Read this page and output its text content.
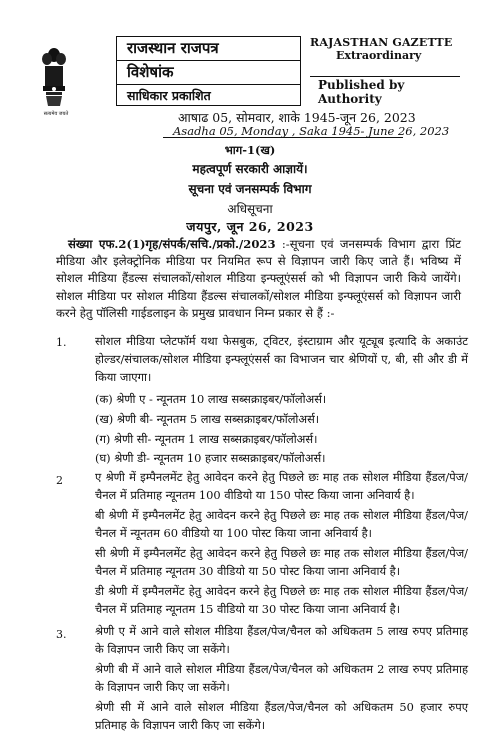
सत्यमेव जयते
राजस्थान राजपत्र
विशेषांक
साधिकार प्रकाशित
RAJASTHAN GAZETTE
Extraordinary
Published by Authority
आषाढ 05, सोमवार, शाके 1945-जून 26, 2023
Asadha 05, Monday , Saka 1945- June 26, 2023
भाग-1(ख)
महत्वपूर्ण सरकारी आज्ञायें।
सूचना एवं जनसम्पर्क विभाग
अधिसूचना
जयपुर, जून 26, 2023
संख्या एफ.2(1)गृह/संपर्क/सचि./प्रको./2023 :-सूचना एवं जनसम्पर्क विभाग द्वारा प्रिंट मीडिया और इलेक्ट्रोनिक मीडिया पर नियमित रूप से विज्ञापन जारी किए जाते हैं। भविष्य में सोशल मीडिया हैंडल्स संचालकों/सोशल मीडिया इन्फ्लूएंसर्स को भी विज्ञापन जारी किये जायेंगे। सोशल मीडिया पर सोशल मीडिया हैंडल्स संचालकों/सोशल मीडिया इन्फ्लूएंसर्स को विज्ञापन जारी करने हेतु पॉलिसी गाईडलाइन के प्रमुख प्रावधान निम्न प्रकार से हैं :-
1.	सोशल मीडिया प्लेटफॉर्म यथा फेसबुक, ट्विटर, इंस्टाग्राम और यूट्यूब इत्यादि के अकाउंट होल्डर/संचालक/सोशल मीडिया इन्फ्लूएंसर्स का विभाजन चार श्रेणियों ए, बी, सी और डी में किया जाएगा।
(क) श्रेणी ए - न्यूनतम 10 लाख सब्सक्राइबर/फॉलोअर्स।
(ख) श्रेणी बी- न्यूनतम 5 लाख सब्सक्राइबर/फॉलोअर्स।
(ग) श्रेणी सी- न्यूनतम 1 लाख सब्सक्राइबर/फॉलोअर्स।
(घ) श्रेणी डी- न्यूनतम 10 हजार सब्सक्राइबर/फॉलोअर्स।
2	ए श्रेणी में इम्पैनलमेंट हेतु आवेदन करने हेतु पिछले छः माह तक सोशल मीडिया हैंडल/पेज/चैनल में प्रतिमाह न्यूनतम 100 वीडियो या 150 पोस्ट किया जाना अनिवार्य है।
बी श्रेणी में इम्पैनलमेंट हेतु आवेदन करने हेतु पिछले छः माह तक सोशल मीडिया हैंडल/पेज/चैनल में न्यूनतम 60 वीडियो या 100 पोस्ट किया जाना अनिवार्य है।
सी श्रेणी में इम्पैनलमेंट हेतु आवेदन करने हेतु पिछले छः माह तक सोशल मीडिया हैंडल/पेज/चैनल में प्रतिमाह न्यूनतम 30 वीडियो या 50 पोस्ट किया जाना अनिवार्य है।
डी श्रेणी में इम्पैनलमेंट हेतु आवेदन करने हेतु पिछले छः माह तक सोशल मीडिया हैंडल/पेज/चैनल में प्रतिमाह न्यूनतम 15 वीडियो या 30 पोस्ट किया जाना अनिवार्य है।
3.	श्रेणी ए में आने वाले सोशल मीडिया हैंडल/पेज/चैनल को अधिकतम 5 लाख रुपए प्रतिमाह के विज्ञापन जारी किए जा सकेंगे।
श्रेणी बी में आने वाले सोशल मीडिया हैंडल/पेज/चैनल को अधिकतम 2 लाख रुपए प्रतिमाह के विज्ञापन जारी किए जा सकेंगे।
श्रेणी सी में आने वाले सोशल मीडिया हैंडल/पेज/चैनल को अधिकतम 50 हजार रुपए प्रतिमाह के विज्ञापन जारी किए जा सकेंगे।
